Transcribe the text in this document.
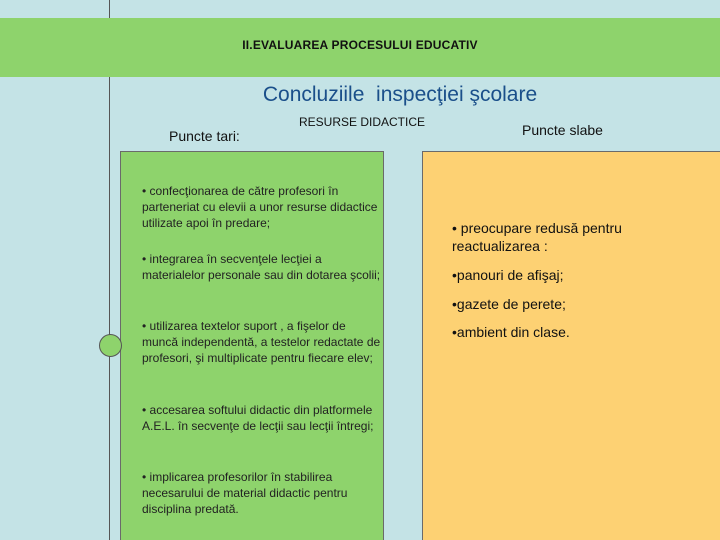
II.EVALUAREA PROCESULUI EDUCATIV
Concluziile  inspecţiei şcolare
Puncte tari:
RESURSE DIDACTICE	Puncte slabe
• confecţionarea de către profesori în parteneriat cu elevii a unor resurse didactice utilizate apoi în predare;
• integrarea în secvenţele lecţiei a materialelor personale sau din dotarea şcolii;
• utilizarea textelor suport , a fişelor de muncă independentă, a testelor redactate de profesori, şi multiplicate pentru fiecare elev;
• accesarea softului didactic din platformele A.E.L. în secvenţe de lecţii sau lecţii întregi;
• implicarea profesorilor în stabilirea necesarului de material didactic pentru disciplina predată.
• preocupare redusă pentru reactualizarea :
•panouri de afişaj;
•gazete de perete;
•ambient din clase.
